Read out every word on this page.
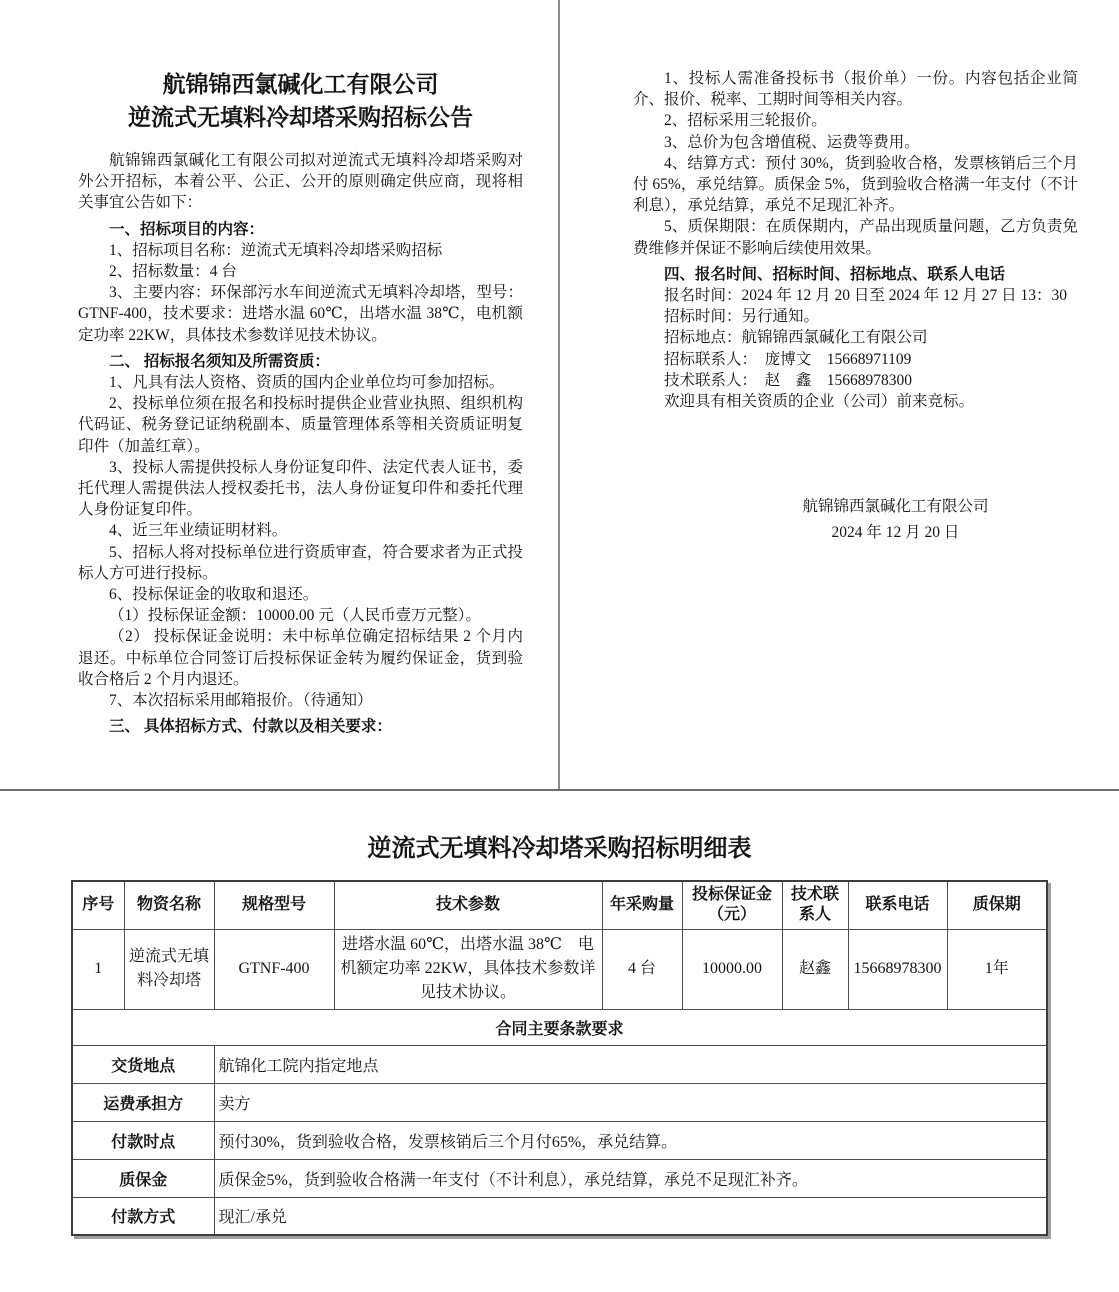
航锦锦西氯碱化工有限公司
逆流式无填料冷却塔采购招标公告

航锦锦西氯碱化工有限公司拟对逆流式无填料冷却塔采购对外公开招标，本着公平、公正、公开的原则确定供应商，现将相关事宜公告如下：

一、招标项目的内容：

1、招标项目名称：逆流式无填料冷却塔采购招标

2、招标数量：4 台

3、主要内容：环保部污水车间逆流式无填料冷却塔，型号：GTNF-400，技术要求：进塔水温 60℃，出塔水温 38℃，电机额定功率 22KW，具体技术参数详见技术协议。

二、 招标报名须知及所需资质：

1、凡具有法人资格、资质的国内企业单位均可参加招标。

2、投标单位须在报名和投标时提供企业营业执照、组织机构代码证、税务登记证纳税副本、质量管理体系等相关资质证明复印件（加盖红章）。

3、投标人需提供投标人身份证复印件、法定代表人证书，委托代理人需提供法人授权委托书，法人身份证复印件和委托代理人身份证复印件。

4、近三年业绩证明材料。

5、招标人将对投标单位进行资质审查，符合要求者为正式投标人方可进行投标。

6、投标保证金的收取和退还。

（1）投标保证金额：10000.00 元（人民币壹万元整）。

（2） 投标保证金说明：未中标单位确定招标结果 2 个月内退还。中标单位合同签订后投标保证金转为履约保证金，货到验收合格后 2 个月内退还。

7、本次招标采用邮箱报价。（待通知）

三、 具体招标方式、付款以及相关要求：

1、投标人需准备投标书（报价单）一份。内容包括企业简介、报价、税率、工期时间等相关内容。

2、招标采用三轮报价。

3、总价为包含增值税、运费等费用。

4、结算方式：预付 30%，货到验收合格，发票核销后三个月付 65%，承兑结算。质保金 5%，货到验收合格满一年支付（不计利息），承兑结算，承兑不足现汇补齐。

5、质保期限：在质保期内，产品出现质量问题，乙方负责免费维修并保证不影响后续使用效果。

四、报名时间、招标时间、招标地点、联系人电话

报名时间：2024 年 12 月 20 日至 2024 年 12 月 27 日 13：30

招标时间：另行通知。

招标地点：航锦锦西氯碱化工有限公司

招标联系人：　庞博文　15668971109

技术联系人：　赵　鑫　15668978300

欢迎具有相关资质的企业（公司）前来竞标。

航锦锦西氯碱化工有限公司
2024 年 12 月 20 日
逆流式无填料冷却塔采购招标明细表
序号	物资名称	规格型号	技术参数	年采购量	投标保证金（元）	技术联系人	联系电话	质保期
1	逆流式无填料冷却塔	GTNF-400	进塔水温 60℃，出塔水温 38℃　电机额定功率 22KW，具体技术参数详见技术协议。	4 台	10000.00	赵鑫	15668978300	1年
合同主要条款要求								
交货地点		航锦化工院内指定地点						
运费承担方		卖方						
付款时点		预付30%，货到验收合格，发票核销后三个月付65%，承兑结算。						
质保金		质保金5%，货到验收合格满一年支付（不计利息），承兑结算，承兑不足现汇补齐。						
付款方式		现汇/承兑						
